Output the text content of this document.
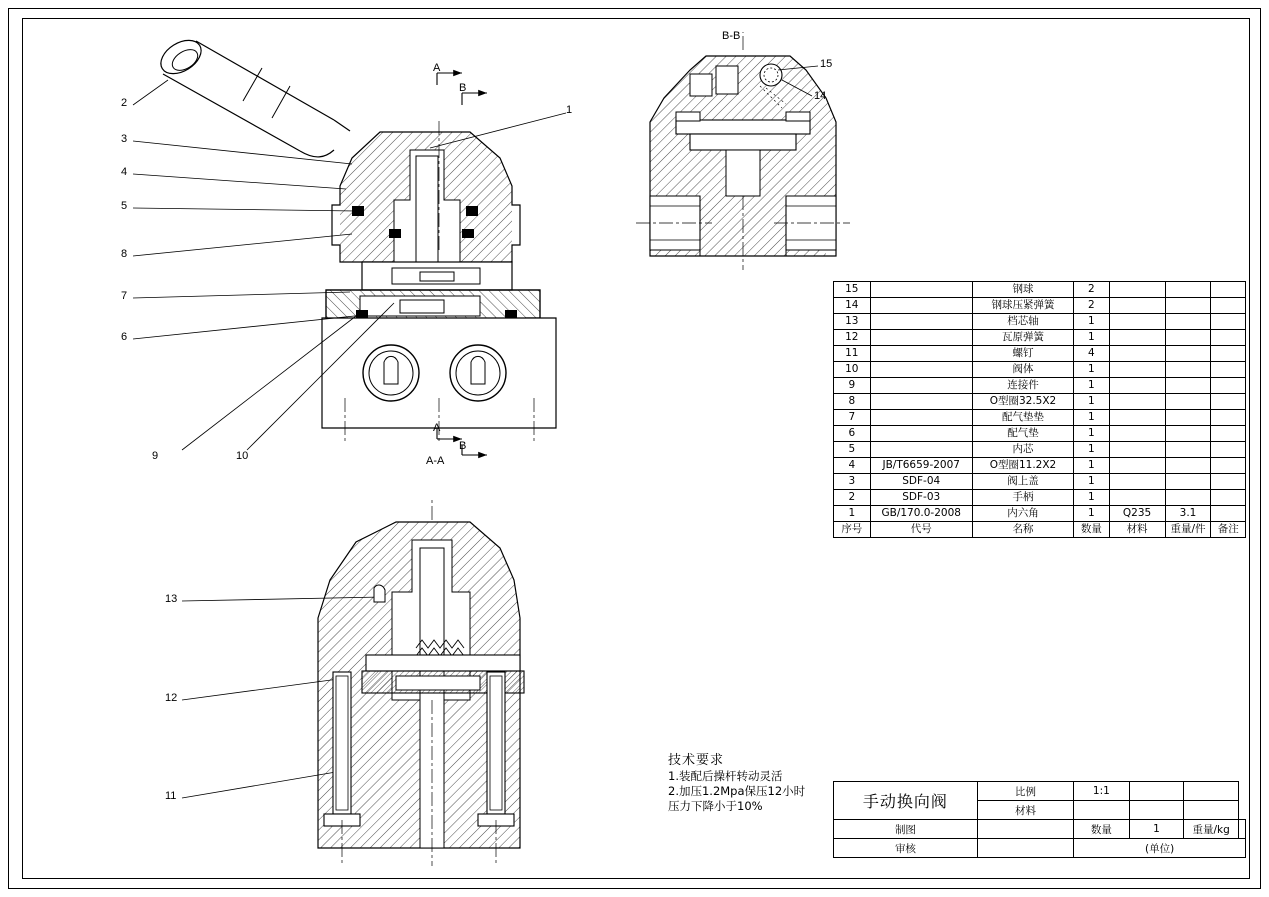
2
3
4
5
8
7
6
9	10
1
13
12
11
15
14
B-B
A-A
A
B
A
B
技术要求
1.装配后操杆转动灵活
2.加压1.2Mpa保压12小时
压力下降小于10%
15		钢球	2			
14		钢球压紧弹簧	2			
13		档芯轴	1			
12		瓦原弹簧	1			
11		螺钉	4			
10		阀体	1			
9		连接件	1			
8		O型圈32.5X2	1			
7		配气垫垫	1			
6		配气垫	1			
5		内芯	1			
4	JB/T6659-2007	O型圈11.2X2	1			
3	SDF-04	阀上盖	1			
2	SDF-03	手柄	1			
1	GB/170.0-2008	内六角	1	Q235	3.1	
序号	代号	名称	数量	材料	重量/件	备注
手动换向阀	比例	1:1			
	材料				
制图		数量	1	重量/kg	
审核		(单位)			
